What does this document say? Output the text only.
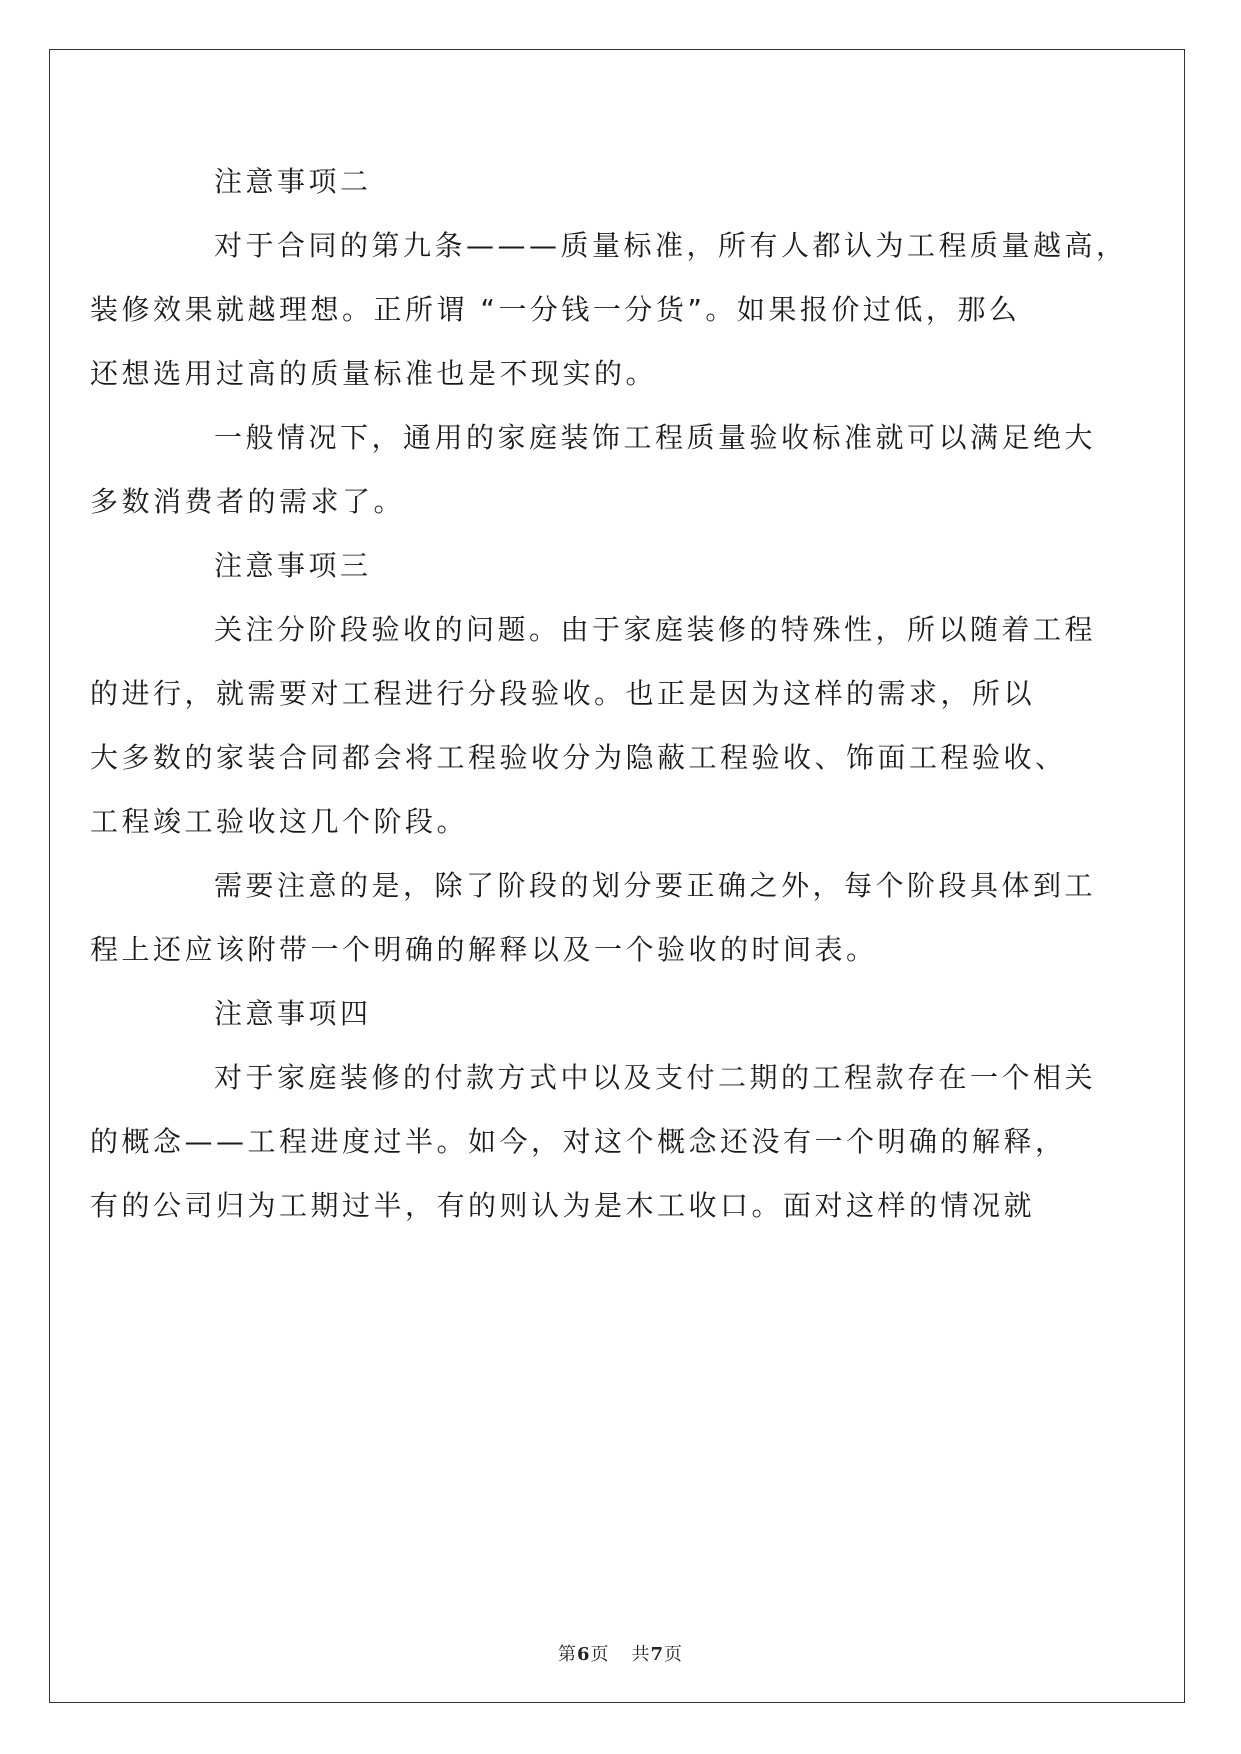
注意事项二

对于合同的第九条———质量标准，所有人都认为工程质量越高，
装修效果就越理想。正所谓 “一分钱一分货”。如果报价过低，那么
还想选用过高的质量标准也是不现实的。

一般情况下，通用的家庭装饰工程质量验收标准就可以满足绝大
多数消费者的需求了。

注意事项三

关注分阶段验收的问题。由于家庭装修的特殊性，所以随着工程
的进行，就需要对工程进行分段验收。也正是因为这样的需求，所以
大多数的家装合同都会将工程验收分为隐蔽工程验收、饰面工程验收、
工程竣工验收这几个阶段。

需要注意的是，除了阶段的划分要正确之外，每个阶段具体到工
程上还应该附带一个明确的解释以及一个验收的时间表。

注意事项四

对于家庭装修的付款方式中以及支付二期的工程款存在一个相关
的概念——工程进度过半。如今，对这个概念还没有一个明确的解释，
有的公司归为工期过半，有的则认为是木工收口。面对这样的情况就

第6页 共7页
